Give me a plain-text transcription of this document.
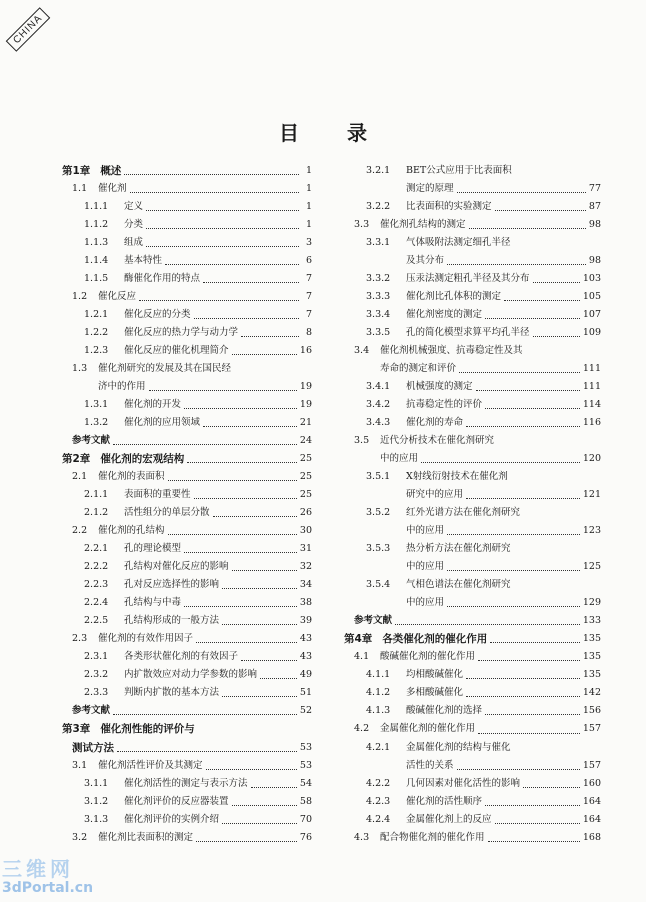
CHINA
目录
第1章 概述	1
1.1	催化剂	1
1.1.1	定义	1
1.1.2	分类	1
1.1.3	组成	3
1.1.4	基本特性	6
1.1.5	酶催化作用的特点	7
1.2	催化反应	7
1.2.1	催化反应的分类	7
1.2.2	催化反应的热力学与动力学	8
1.2.3	催化反应的催化机理简介	16
1.3	催化剂研究的发展及其在国民经
济中的作用	19
1.3.1	催化剂的开发	19
1.3.2	催化剂的应用领域	21
参考文献	24
第2章 催化剂的宏观结构	25
2.1	催化剂的表面积	25
2.1.1	表面积的重要性	25
2.1.2	活性组分的单层分散	26
2.2	催化剂的孔结构	30
2.2.1	孔的理论模型	31
2.2.2	孔结构对催化反应的影响	32
2.2.3	孔对反应选择性的影响	34
2.2.4	孔结构与中毒	38
2.2.5	孔结构形成的一般方法	39
2.3	催化剂的有效作用因子	43
2.3.1	各类形状催化剂的有效因子	43
2.3.2	内扩散效应对动力学参数的影响	49
2.3.3	判断内扩散的基本方法	51
参考文献	52
第3章 催化剂性能的评价与
测试方法	53
3.1	催化剂活性评价及其测定	53
3.1.1	催化剂活性的测定与表示方法	54
3.1.2	催化剂评价的反应器装置	58
3.1.3	催化剂评价的实例介绍	70
3.2	催化剂比表面积的测定	76
3.2.1	BET公式应用于比表面积
测定的原理	77
3.2.2	比表面积的实验测定	87
3.3	催化剂孔结构的测定	98
3.3.1	气体吸附法测定细孔半径
及其分布	98
3.3.2	压汞法测定粗孔半径及其分布	103
3.3.3	催化剂比孔体积的测定	105
3.3.4	催化剂密度的测定	107
3.3.5	孔的简化模型求算平均孔半径	109
3.4	催化剂机械强度、抗毒稳定性及其
寿命的测定和评价	111
3.4.1	机械强度的测定	111
3.4.2	抗毒稳定性的评价	114
3.4.3	催化剂的寿命	116
3.5	近代分析技术在催化剂研究
中的应用	120
3.5.1	X射线衍射技术在催化剂
研究中的应用	121
3.5.2	红外光谱方法在催化剂研究
中的应用	123
3.5.3	热分析方法在催化剂研究
中的应用	125
3.5.4	气相色谱法在催化剂研究
中的应用	129
参考文献	133
第4章 各类催化剂的催化作用	135
4.1	酸碱催化剂的催化作用	135
4.1.1	均相酸碱催化	135
4.1.2	多相酸碱催化	142
4.1.3	酸碱催化剂的选择	156
4.2	金属催化剂的催化作用	157
4.2.1	金属催化剂的结构与催化
活性的关系	157
4.2.2	几何因素对催化活性的影响	160
4.2.3	催化剂的活性顺序	164
4.2.4	金属催化剂上的反应	164
4.3	配合物催化剂的催化作用	168
三维网
3dPortal.cn
